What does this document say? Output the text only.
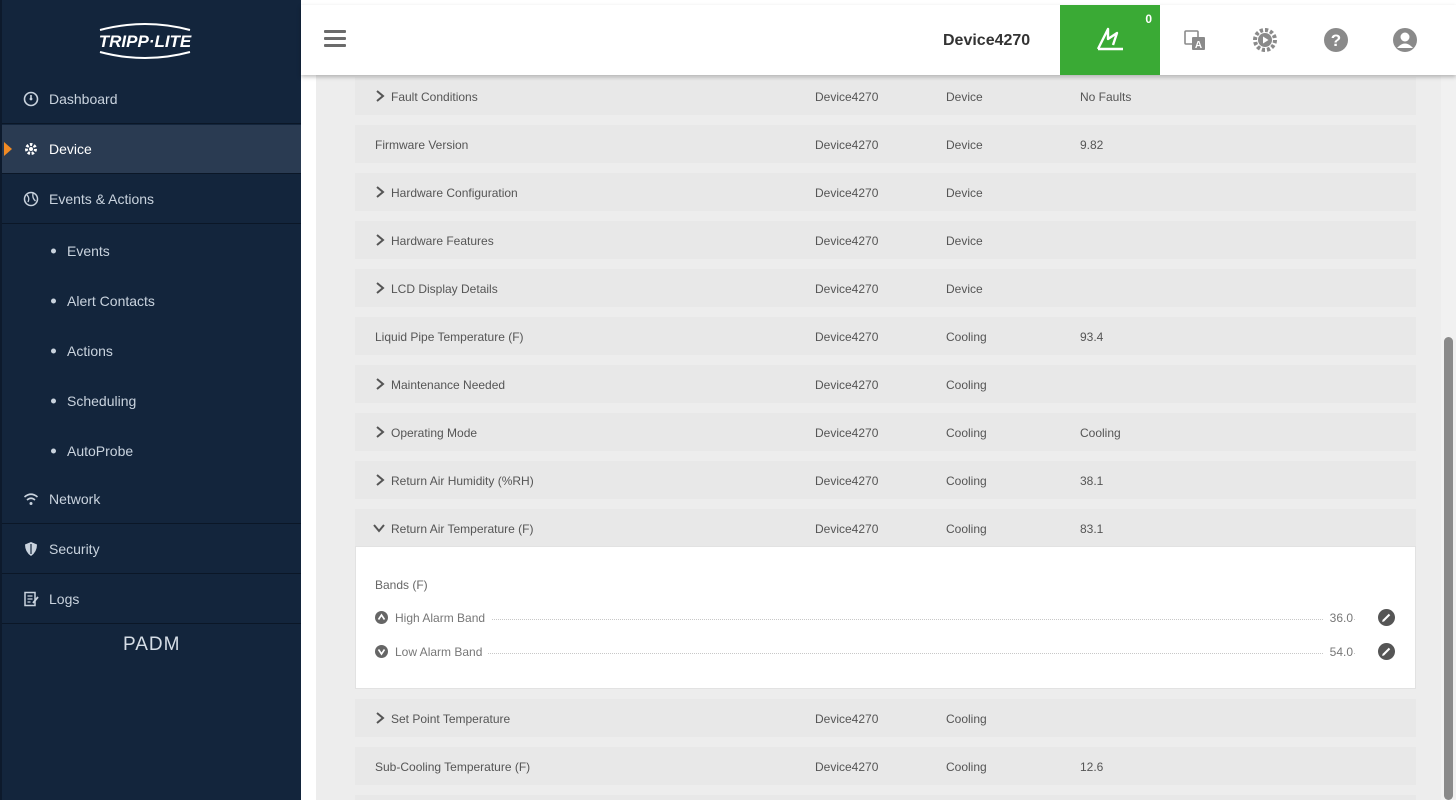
TRIPP·LITE
Dashboard
Device
Events & Actions
Events
Alert Contacts
Actions
Scheduling
AutoProbe
Network
Security
Logs
PADM
Device4270
0
A	?
Fault Conditions	Device4270	Device	No Faults
Firmware Version	Device4270	Device	9.82
Hardware Configuration	Device4270	Device
Hardware Features	Device4270	Device
LCD Display Details	Device4270	Device
Liquid Pipe Temperature (F)	Device4270	Cooling	93.4
Maintenance Needed	Device4270	Cooling
Operating Mode	Device4270	Cooling	Cooling
Return Air Humidity (%RH)	Device4270	Cooling	38.1
Return Air Temperature (F)	Device4270	Cooling	83.1
Bands (F)
High Alarm Band	36.0
Low Alarm Band	54.0
Set Point Temperature	Device4270	Cooling
Sub-Cooling Temperature (F)	Device4270	Cooling	12.6
